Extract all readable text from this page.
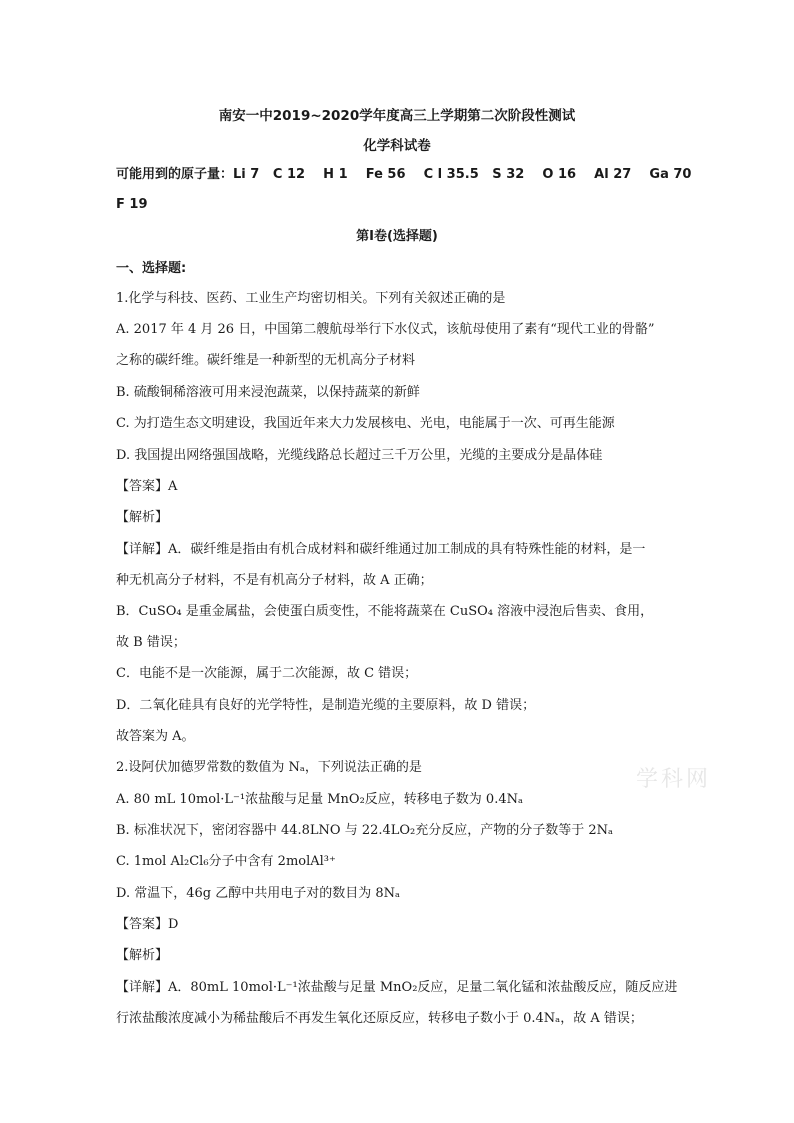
南安一中2019~2020学年度高三上学期第二次阶段性测试
化学科试卷
可能用到的原子量：Li 7   C 12    H 1    Fe 56    C l 35.5   S 32    O 16    Al 27    Ga 70
F 19
第Ⅰ卷(选择题)
一、选择题:
1.化学与科技、医药、工业生产均密切相关。下列有关叙述正确的是
A. 2017 年 4 月 26 日，中国第二艘航母举行下水仪式，该航母使用了素有“现代工业的骨骼”
之称的碳纤维。碳纤维是一种新型的无机高分子材料
B. 硫酸铜稀溶液可用来浸泡蔬菜，以保持蔬菜的新鲜
C. 为打造生态文明建设，我国近年来大力发展核电、光电，电能属于一次、可再生能源
D. 我国提出网络强国战略，光缆线路总长超过三千万公里，光缆的主要成分是晶体硅
【答案】A
【解析】
【详解】A．碳纤维是指由有机合成材料和碳纤维通过加工制成的具有特殊性能的材料，是一
种无机高分子材料，不是有机高分子材料，故 A 正确；
B．CuSO₄ 是重金属盐，会使蛋白质变性，不能将蔬菜在 CuSO₄ 溶液中浸泡后售卖、食用，
故 B 错误；
C．电能不是一次能源，属于二次能源，故 C 错误；
D．二氧化硅具有良好的光学特性，是制造光缆的主要原料，故 D 错误；
故答案为 A。
2.设阿伏加德罗常数的数值为 Nₐ，下列说法正确的是
A. 80 mL 10mol·L⁻¹浓盐酸与足量 MnO₂反应，转移电子数为 0.4Nₐ
B. 标准状况下，密闭容器中 44.8LNO 与 22.4LO₂充分反应，产物的分子数等于 2Nₐ
C. 1mol Al₂Cl₆分子中含有 2molAl³⁺
D. 常温下，46g 乙醇中共用电子对的数目为 8Nₐ
【答案】D
【解析】
【详解】A．80mL 10mol·L⁻¹浓盐酸与足量 MnO₂反应，足量二氧化锰和浓盐酸反应，随反应进
行浓盐酸浓度减小为稀盐酸后不再发生氧化还原反应，转移电子数小于 0.4Nₐ，故 A 错误；
学科网
